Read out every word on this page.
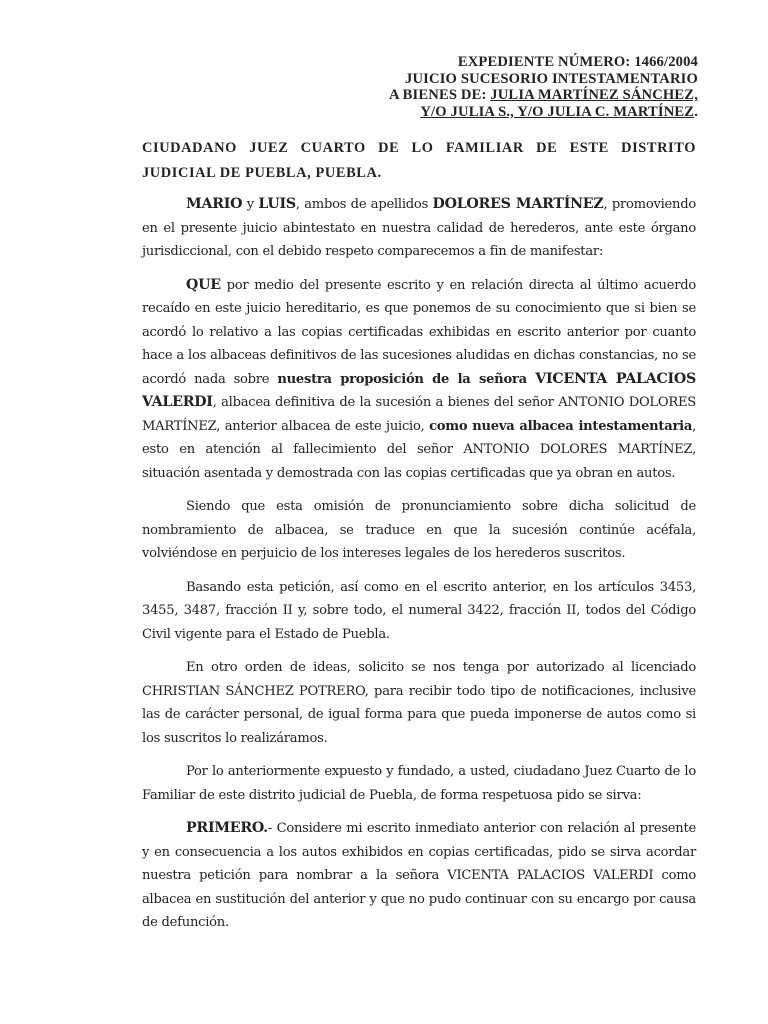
EXPEDIENTE NÚMERO: 1466/2004
JUICIO SUCESORIO INTESTAMENTARIO
A BIENES DE: JULIA MARTÍNEZ SÁNCHEZ,
Y/O JULIA S., Y/O JULIA C. MARTÍNEZ.
CIUDADANO JUEZ CUARTO DE LO FAMILIAR DE ESTE DISTRITO JUDICIAL DE PUEBLA, PUEBLA.

MARIO y LUIS, ambos de apellidos DOLORES MARTÍNEZ, promoviendo en el presente juicio abintestato en nuestra calidad de herederos, ante este órgano jurisdiccional, con el debido respeto comparecemos a fin de manifestar:

QUE por medio del presente escrito y en relación directa al último acuerdo recaído en este juicio hereditario, es que ponemos de su conocimiento que si bien se acordó lo relativo a las copias certificadas exhibidas en escrito anterior por cuanto hace a los albaceas definitivos de las sucesiones aludidas en dichas constancias, no se acordó nada sobre nuestra proposición de la señora VICENTA PALACIOS VALERDI, albacea definitiva de la sucesión a bienes del señor ANTONIO DOLORES MARTÍNEZ, anterior albacea de este juicio, como nueva albacea intestamentaria, esto en atención al fallecimiento del señor ANTONIO DOLORES MARTÍNEZ, situación asentada y demostrada con las copias certificadas que ya obran en autos.

Siendo que esta omisión de pronunciamiento sobre dicha solicitud de nombramiento de albacea, se traduce en que la sucesión continúe acéfala, volviéndose en perjuicio de los intereses legales de los herederos suscritos.

Basando esta petición, así como en el escrito anterior, en los artículos 3453, 3455, 3487, fracción II y, sobre todo, el numeral 3422, fracción II, todos del Código Civil vigente para el Estado de Puebla.

En otro orden de ideas, solicito se nos tenga por autorizado al licenciado CHRISTIAN SÁNCHEZ POTRERO, para recibir todo tipo de notificaciones, inclusive las de carácter personal, de igual forma para que pueda imponerse de autos como si los suscritos lo realizáramos.

Por lo anteriormente expuesto y fundado, a usted, ciudadano Juez Cuarto de lo Familiar de este distrito judicial de Puebla, de forma respetuosa pido se sirva:

PRIMERO.- Considere mi escrito inmediato anterior con relación al presente y en consecuencia a los autos exhibidos en copias certificadas, pido se sirva acordar nuestra petición para nombrar a la señora VICENTA PALACIOS VALERDI como albacea en sustitución del anterior y que no pudo continuar con su encargo por causa de defunción.
